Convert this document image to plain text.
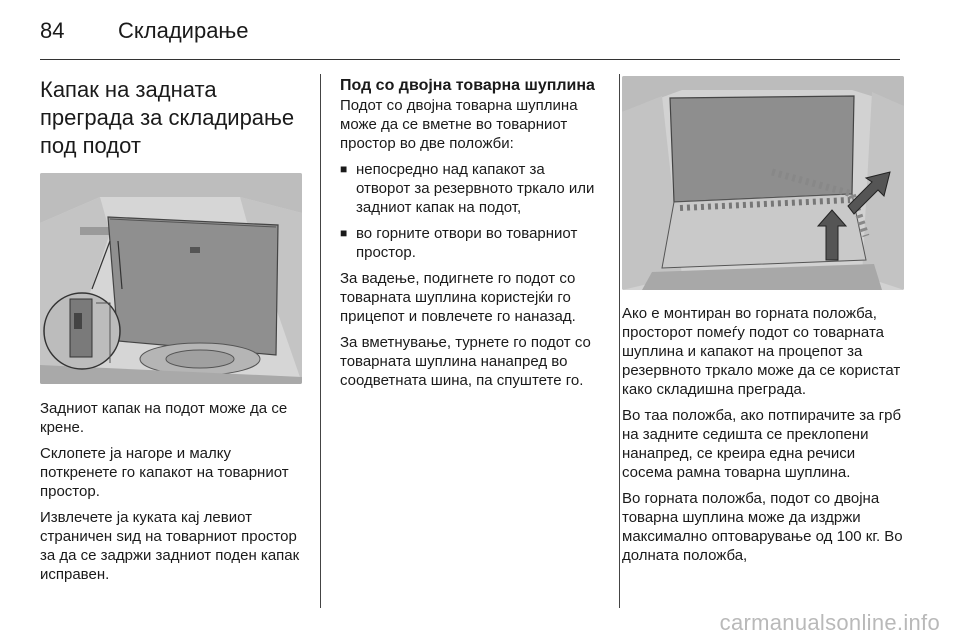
84 Складирање
Капак на задната преграда за складирање под подот

Задниот капак на подот може да се крене.

Склопете ја нагоре и малку поткренете го капакот на товарниот простор.

Извлечете ја куката кај левиот страничен ѕид на товарниот простор за да се задржи задниот поден капак исправен.

Под со двојна товарна шуплина

Подот со двојна товарна шуплина може да се вметне во товарниот простор во две положби:

■ непосредно над капакот за отворот за резервното тркало или задниот капак на подот,
■ во горните отвори во товарниот простор.

За вадење, подигнете го подот со товарната шуплина користејќи го прицепот и повлечете го наназад.

За вметнување, турнете го подот со товарната шуплина нанапред во соодветната шина, па спуштете го.

Ако е монтиран во горната положба, просторот помеѓу подот со товарната шуплина и капакот на процепот за резервното тркало може да се користат како складишна преграда.

Во таа положба, ако потпирачите за грб на задните седишта се преклопени нанапред, се креира една речиси сосема рамна товарна шуплина.

Во горната положба, подот со двојна товарна шуплина може да издржи максимално оптоварување од 100 кг. Во долната положба,

carmanualsonline.info
